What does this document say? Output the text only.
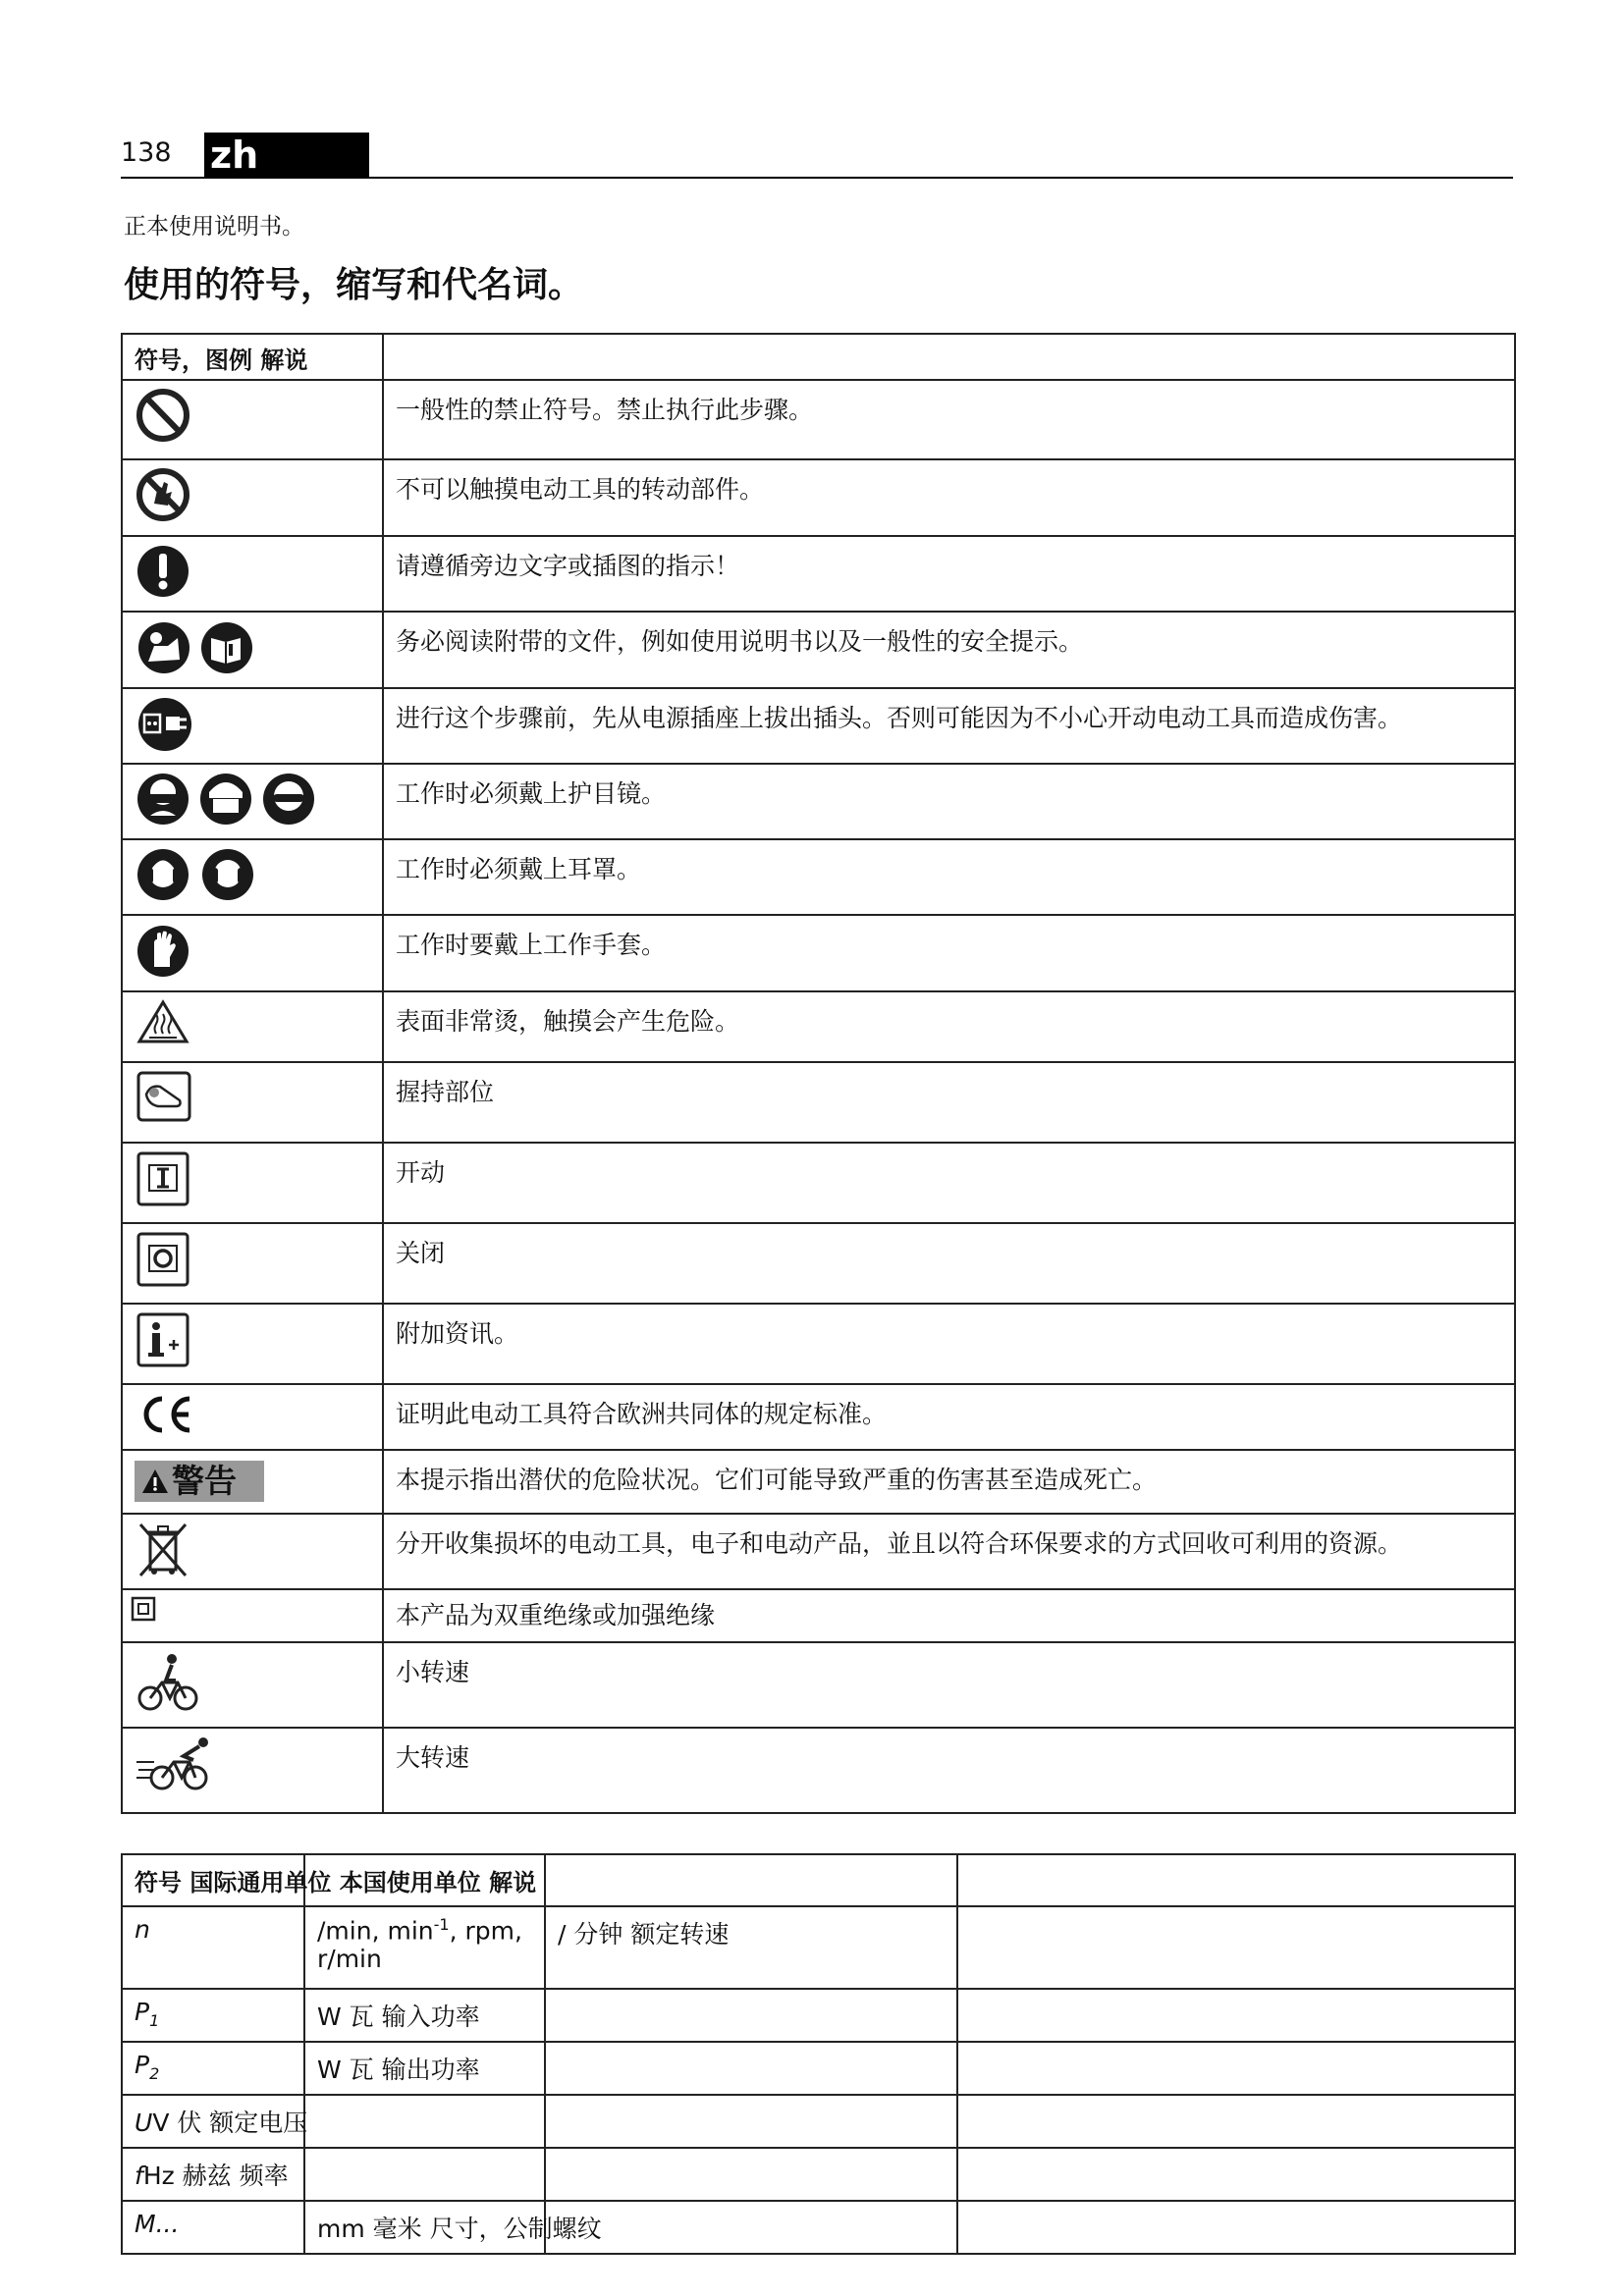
138 zh (CM)
正本使用说明书。
使用的符号，缩写和代名词。
符号，图例 解说	

	一般性的禁止符号。禁止执行此步骤。

	不可以触摸电动工具的转动部件。

	请遵循旁边文字或插图的指示！

	务必阅读附带的文件，例如使用说明书以及一般性的安全提示。

	进行这个步骤前，先从电源插座上拔出插头。否则可能因为不小心开动电动工具而造成伤害。

	工作时必须戴上护目镜。

	工作时必须戴上耳罩。

	工作时要戴上工作手套。

	表面非常烫，触摸会产生危险。

	握持部位

	开动

	关闭

	附加资讯。

	证明此电动工具符合欧洲共同体的规定标准。

警告	本提示指出潜伏的危险状况。它们可能导致严重的伤害甚至造成死亡。

	分开收集损坏的电动工具，电子和电动产品，並且以符合环保要求的方式回收可利用的资源。

	本产品为双重绝缘或加强绝缘

	小转速

	大转速
符号 国际通用单位 本国使用单位 解说			
n	/min, $\min^{-1}$, rpm, r/min	/ 分钟 额定转速	
$P_1$	W 瓦 输入功率		
$P_2$	W 瓦 输出功率		
UV 伏 额定电压			
fHz 赫兹 频率			
M...	mm 毫米 尺寸，公制螺纹		
